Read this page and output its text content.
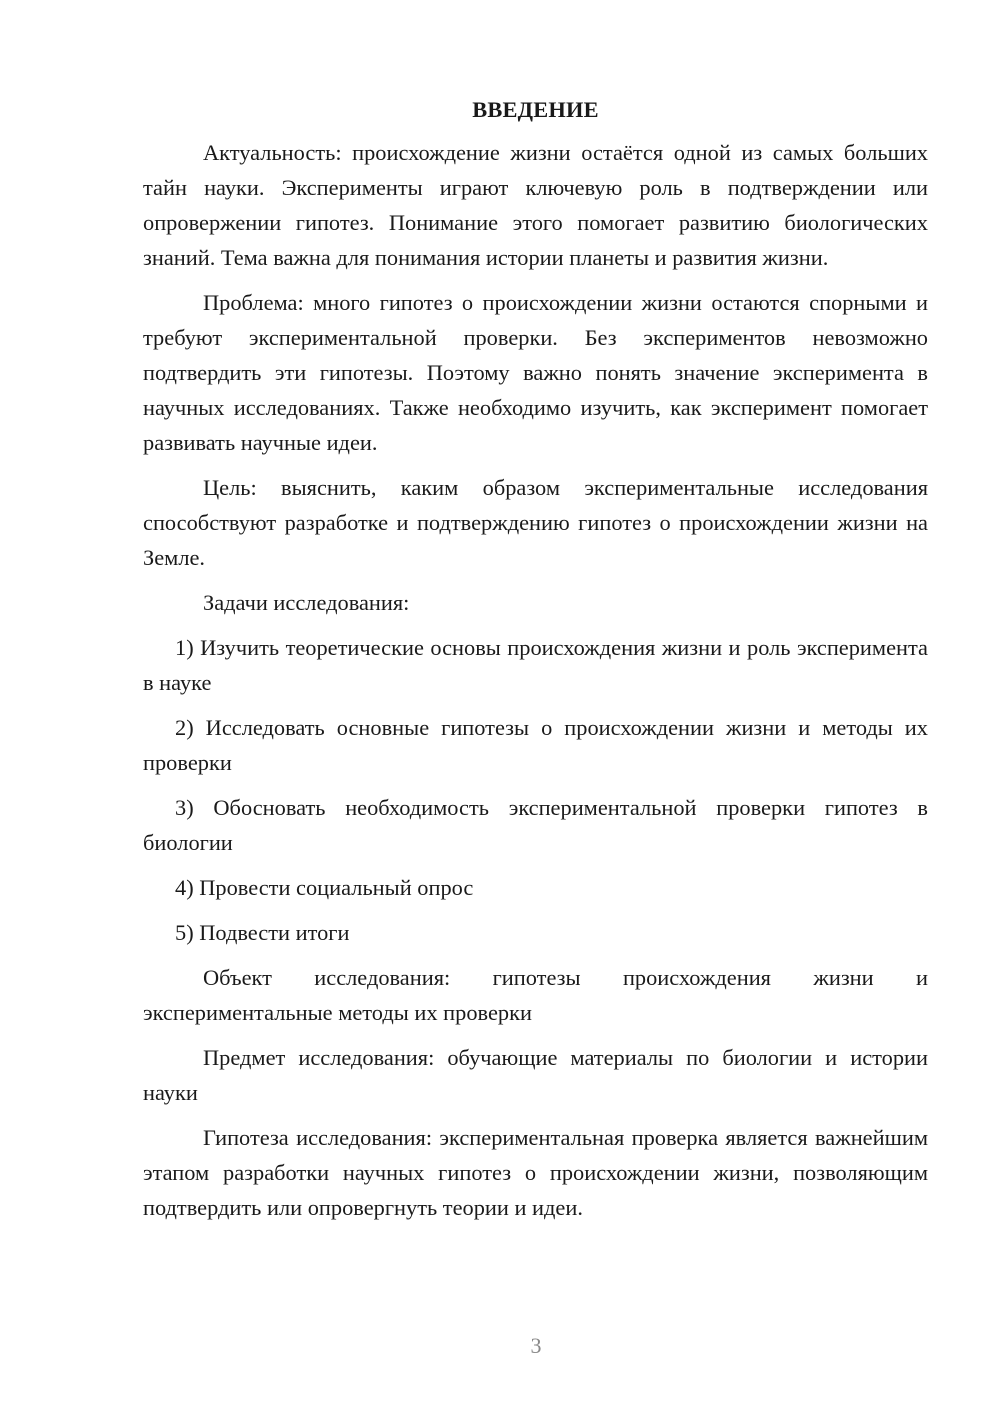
ВВЕДЕНИЕ

Актуальность: происхождение жизни остаётся одной из самых больших тайн науки. Эксперименты играют ключевую роль в подтверждении или опровержении гипотез. Понимание этого помогает развитию биологических знаний. Тема важна для понимания истории планеты и развития жизни.

Проблема: много гипотез о происхождении жизни остаются спорными и требуют экспериментальной проверки. Без экспериментов невозможно подтвердить эти гипотезы. Поэтому важно понять значение эксперимента в научных исследованиях. Также необходимо изучить, как эксперимент помогает развивать научные идеи.

Цель: выяснить, каким образом экспериментальные исследования способствуют разработке и подтверждению гипотез о происхождении жизни на Земле.

Задачи исследования:
1) Изучить теоретические основы происхождения жизни и роль эксперимента в науке
2) Исследовать основные гипотезы о происхождении жизни и методы их проверки
3) Обосновать необходимость экспериментальной проверки гипотез в биологии
4) Провести социальный опрос
5) Подвести итоги

Объект исследования: гипотезы происхождения жизни и экспериментальные методы их проверки

Предмет исследования: обучающие материалы по биологии и истории науки

Гипотеза исследования: экспериментальная проверка является важнейшим этапом разработки научных гипотез о происхождении жизни, позволяющим подтвердить или опровергнуть теории и идеи.

3
